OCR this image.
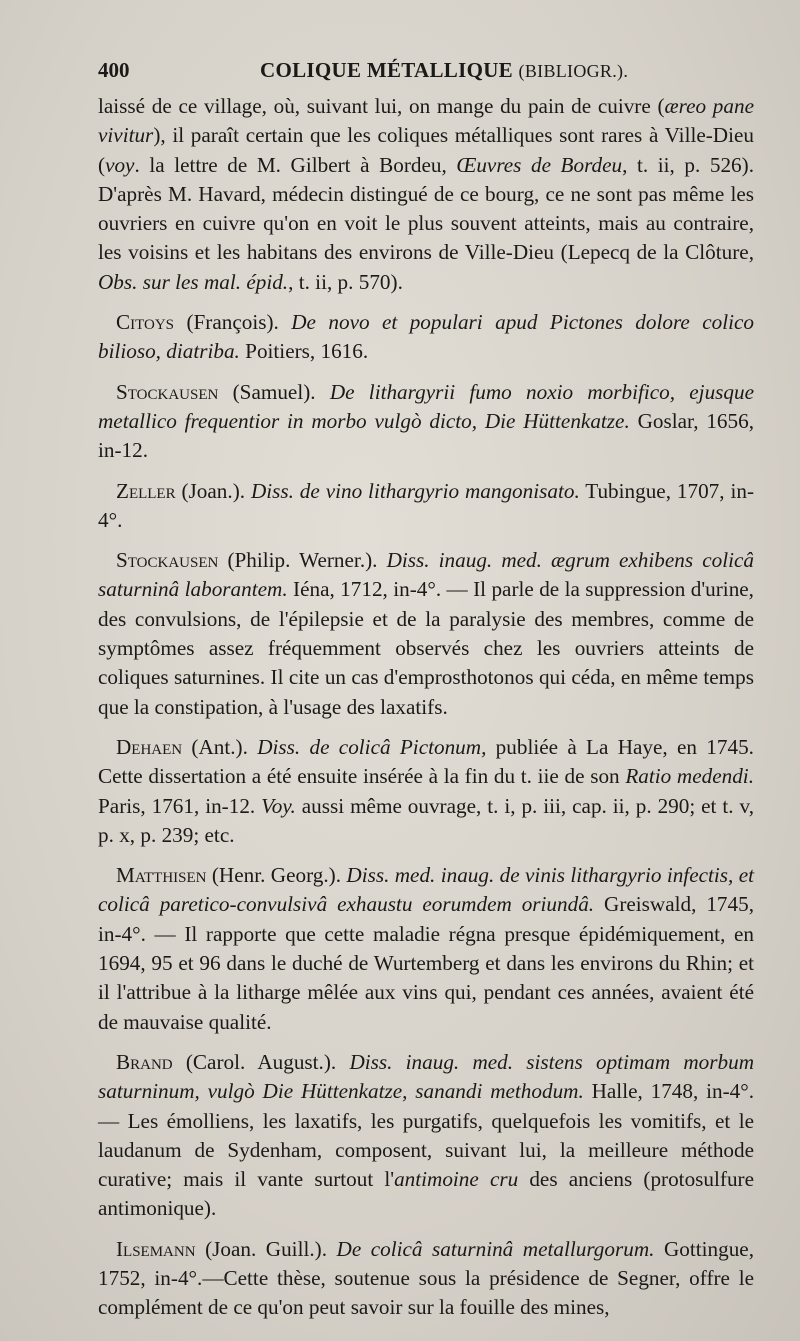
400	COLIQUE MÉTALLIQUE (BIBLIOGR.).

laissé de ce village, où, suivant lui, on mange du pain de cuivre (æreo pane vivitur), il paraît certain que les coliques métalliques sont rares à Ville-Dieu (voy. la lettre de M. Gilbert à Bordeu, Œuvres de Bordeu, t. ii, p. 526). D'après M. Havard, médecin distingué de ce bourg, ce ne sont pas même les ouvriers en cuivre qu'on en voit le plus souvent atteints, mais au contraire, les voisins et les habitans des environs de Ville-Dieu (Lepecq de la Clôture, Obs. sur les mal. épid., t. ii, p. 570).

Citoys (François). De novo et populari apud Pictones dolore colico bilioso, diatriba. Poitiers, 1616.

Stockausen (Samuel). De lithargyrii fumo noxio morbifico, ejusque metallico frequentior in morbo vulgò dicto, Die Hüttenkatze. Goslar, 1656, in-12.

Zeller (Joan.). Diss. de vino lithargyrio mangonisato. Tubingue, 1707, in-4°.

Stockausen (Philip. Werner.). Diss. inaug. med. ægrum exhibens colicâ saturninâ laborantem. Iéna, 1712, in-4°. — Il parle de la suppression d'urine, des convulsions, de l'épilepsie et de la paralysie des membres, comme de symptômes assez fréquemment observés chez les ouvriers atteints de coliques saturnines. Il cite un cas d'emprosthotonos qui céda, en même temps que la constipation, à l'usage des laxatifs.

Dehaen (Ant.). Diss. de colicâ Pictonum, publiée à La Haye, en 1745. Cette dissertation a été ensuite insérée à la fin du t. iie de son Ratio medendi. Paris, 1761, in-12. Voy. aussi même ouvrage, t. i, p. iii, cap. ii, p. 290; et t. v, p. x, p. 239; etc.

Matthisen (Henr. Georg.). Diss. med. inaug. de vinis lithargyrio infectis, et colicâ paretico-convulsivâ exhaustu eorumdem oriundâ. Greiswald, 1745, in-4°. — Il rapporte que cette maladie régna presque épidémiquement, en 1694, 95 et 96 dans le duché de Wurtemberg et dans les environs du Rhin; et il l'attribue à la litharge mêlée aux vins qui, pendant ces années, avaient été de mauvaise qualité.

Brand (Carol. August.). Diss. inaug. med. sistens optimam morbum saturninum, vulgò Die Hüttenkatze, sanandi methodum. Halle, 1748, in-4°. — Les émolliens, les laxatifs, les purgatifs, quelquefois les vomitifs, et le laudanum de Sydenham, composent, suivant lui, la meilleure méthode curative; mais il vante surtout l'antimoine cru des anciens (protosulfure antimonique).

Ilsemann (Joan. Guill.). De colicâ saturninâ metallurgorum. Gottingue, 1752, in-4°.—Cette thèse, soutenue sous la présidence de Segner, offre le complément de ce qu'on peut savoir sur la fouille des mines,
